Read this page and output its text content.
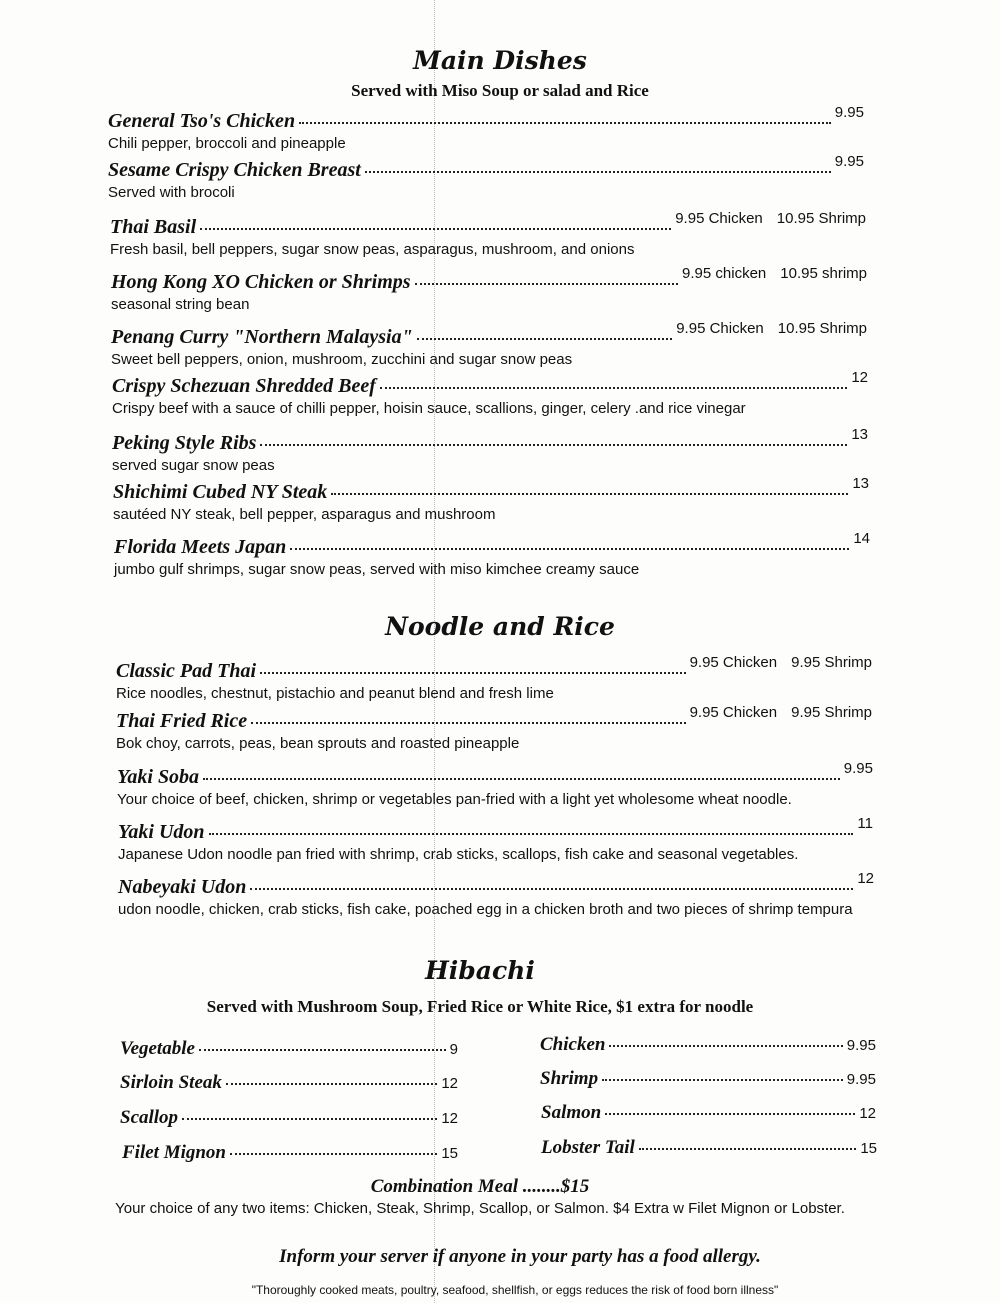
Main Dishes
Served with Miso Soup or salad and Rice
General Tso's Chicken	9.95
Chili pepper, broccoli and pineapple
Sesame Crispy Chicken Breast	9.95
Served with brocoli
Thai Basil	9.95 Chicken 10.95 Shrimp
Fresh basil, bell peppers, sugar snow peas, asparagus, mushroom, and onions
Hong Kong XO Chicken or Shrimps	9.95 chicken 10.95 shrimp
seasonal string bean
Penang Curry "Northern Malaysia"	9.95 Chicken 10.95 Shrimp
Sweet bell peppers, onion, mushroom, zucchini and sugar snow peas
Crispy Schezuan Shredded Beef	12
Crispy beef with a sauce of chilli pepper, hoisin sauce, scallions, ginger, celery .and rice vinegar
Peking Style Ribs	13
served sugar snow peas
Shichimi Cubed NY Steak	13
sautéed NY steak, bell pepper, asparagus and mushroom
Florida Meets Japan	14
jumbo gulf shrimps, sugar snow peas, served with miso kimchee creamy sauce
Noodle and Rice
Classic Pad Thai	9.95 Chicken 9.95 Shrimp
Rice noodles, chestnut, pistachio and peanut blend and fresh lime
Thai Fried Rice	9.95 Chicken 9.95 Shrimp
Bok choy, carrots, peas, bean sprouts and roasted pineapple
Yaki Soba	9.95
Your choice of beef, chicken, shrimp or vegetables pan-fried with a light yet wholesome wheat noodle.
Yaki Udon	11
Japanese Udon noodle pan fried with shrimp, crab sticks, scallops, fish cake and seasonal vegetables.
Nabeyaki Udon	12
udon noodle, chicken, crab sticks, fish cake, poached egg in a chicken broth and two pieces of shrimp tempura
Hibachi
Served with Mushroom Soup, Fried Rice or White Rice, $1 extra for noodle
Vegetable	9
Sirloin Steak	12
Scallop	12
Filet Mignon	15
Chicken	9.95
Shrimp	9.95
Salmon	12
Lobster Tail	15
Combination Meal ........$15
Your choice of any two items: Chicken, Steak, Shrimp, Scallop, or Salmon. $4 Extra w Filet Mignon or Lobster.
Inform your server if anyone in your party has a food allergy.
"Thoroughly cooked meats, poultry, seafood, shellfish, or eggs reduces the risk of food born illness"
